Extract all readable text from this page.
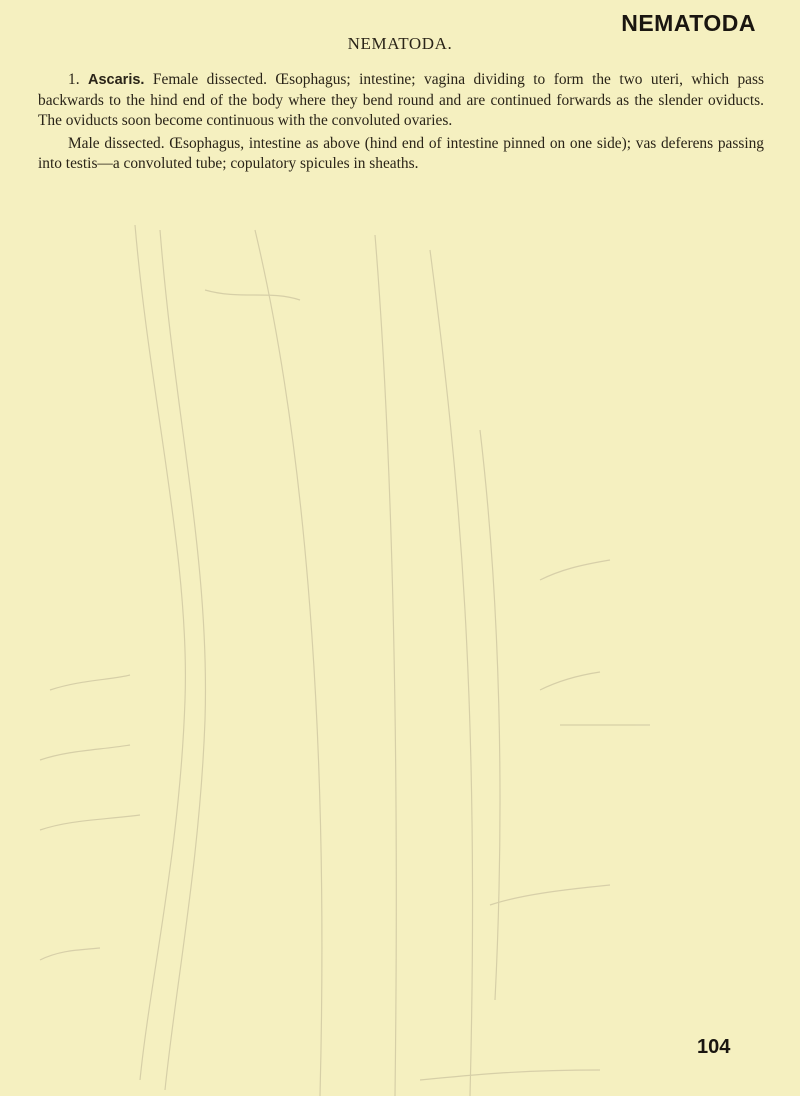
NEMATODA
NEMATODA.

1. Ascaris. Female dissected. Œsophagus; intestine; vagina dividing to form the two uteri, which pass backwards to the hind end of the body where they bend round and are continued forwards as the slender oviducts. The oviducts soon become continuous with the convoluted ovaries.

Male dissected. Œsophagus, intestine as above (hind end of intestine pinned on one side); vas deferens passing into testis—a convoluted tube; copulatory spicules in sheaths.

104
